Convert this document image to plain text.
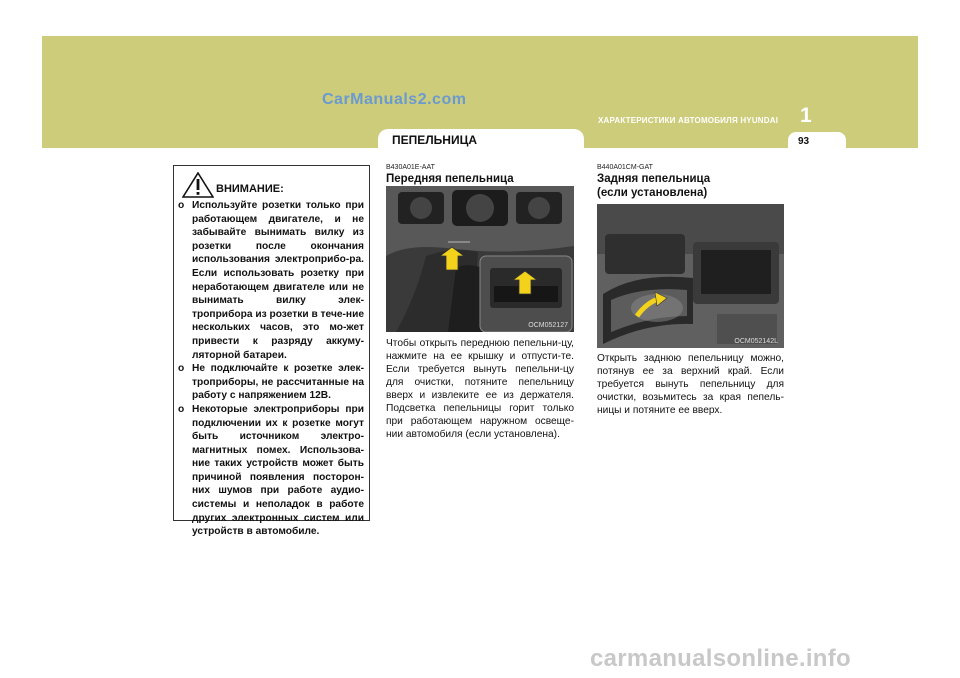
CarManuals2.com
ХАРАКТЕРИСТИКИ АВТОМОБИЛЯ HYUNDAI 1
ПЕПЕЛЬНИЦА	93
ВНИМАНИЕ:
o Используйте розетки только при работающем двигателе, и не забывайте вынимать вилку из розетки после окончания использования электроприбо-ра. Если использовать розетку при неработающем двигателе или не вынимать вилку элек-троприбора из розетки в тече-ние нескольких часов, это мо-жет привести к разряду аккуму-ляторной батареи.
o Не подключайте к розетке элек-троприборы, не рассчитанные на работу с напряжением 12В.
o Некоторые электроприборы при подключении их к розетке могут быть источником электро-магнитных помех. Использова-ние таких устройств может быть причиной появления посторон-них шумов при работе аудио-системы и неполадок в работе других электронных систем или устройств в автомобиле.
B430A01E-AAT
Передняя пепельница
OCM052127

Чтобы открыть переднюю пепельни-цу, нажмите на ее крышку и отпусти-те. Если требуется вынуть пепельни-цу для очистки, потяните пепельницу вверх и извлеките ее из держателя. Подсветка пепельницы горит только при работающем наружном освеще-нии автомобиля (если установлена).

B440A01CM-GAT
Задняя пепельница
(если установлена)
OCM052142L

Открыть заднюю пепельницу можно, потянув ее за верхний край. Если требуется вынуть пепельницу для очистки, возьмитесь за края пепель-ницы и потяните ее вверх.

carmanualsonline.info
